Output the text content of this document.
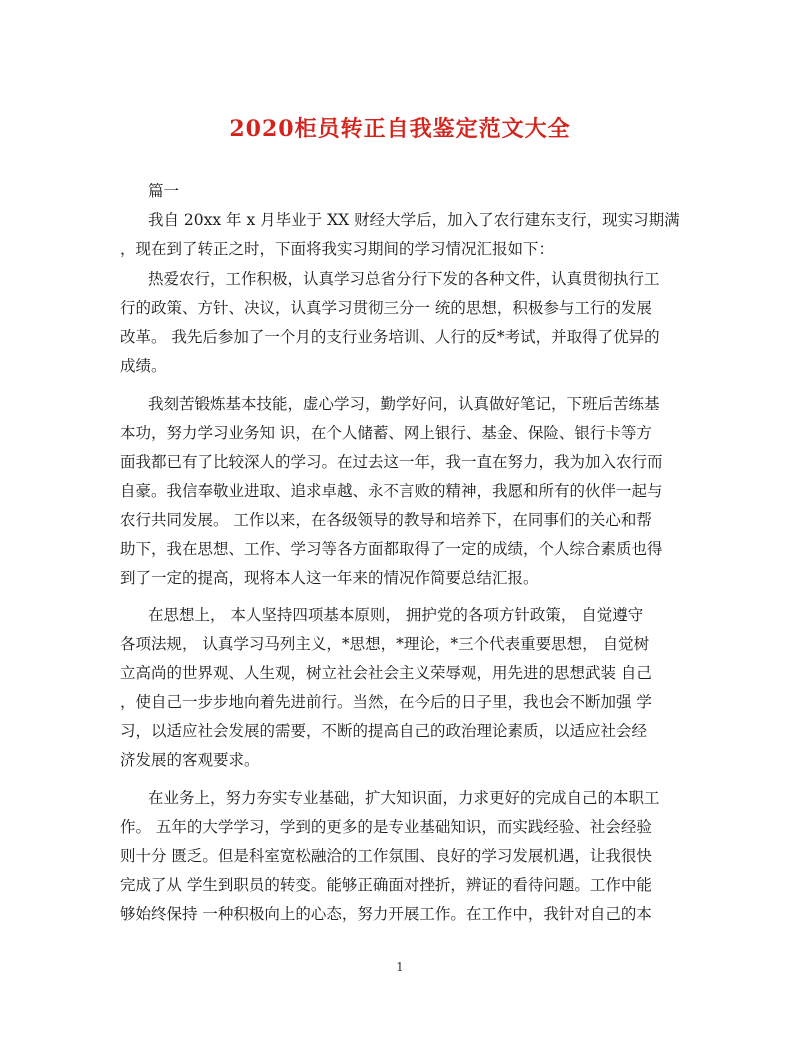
2020柜员转正自我鉴定范文大全
篇一
我自 20xx 年 x 月毕业于 XX 财经大学后，加入了农行建东支行，现实习期满
，现在到了转正之时，下面将我实习期间的学习情况汇报如下：
热爱农行，工作积极，认真学习总省分行下发的各种文件，认真贯彻执行工
行的政策、方针、决议，认真学习贯彻三分一 统的思想，积极参与工行的发展
改革。 我先后参加了一个月的支行业务培训、人行的反*考试，并取得了优异的
成绩。
我刻苦锻炼基本技能，虚心学习，勤学好问，认真做好笔记，下班后苦练基
本功，努力学习业务知 识，在个人储蓄、网上银行、基金、保险、银行卡等方
面我都已有了比较深人的学习。在过去这一年，我一直在努力，我为加入农行而
自豪。我信奉敬业进取、追求卓越、永不言败的精神，我愿和所有的伙伴一起与
农行共同发展。 工作以来，在各级领导的教导和培养下，在同事们的关心和帮
助下，我在思想、工作、学习等各方面都取得了一定的成绩，个人综合素质也得
到了一定的提高，现将本人这一年来的情况作简要总结汇报。
在思想上， 本人坚持四项基本原则， 拥护党的各项方针政策， 自觉遵守
各项法规， 认真学习马列主义，*思想，*理论，*三个代表重要思想， 自觉树
立高尚的世界观、人生观，树立社会社会主义荣辱观，用先进的思想武装 自己
，使自己一步步地向着先进前行。当然，在今后的日子里，我也会不断加强 学
习，以适应社会发展的需要，不断的提高自己的政治理论素质，以适应社会经
济发展的客观要求。
在业务上，努力夯实专业基础，扩大知识面，力求更好的完成自己的本职工
作。 五年的大学学习，学到的更多的是专业基础知识，而实践经验、社会经验
则十分 匮乏。但是科室宽松融洽的工作氛围、良好的学习发展机遇，让我很快
完成了从 学生到职员的转变。能够正确面对挫折，辨证的看待问题。工作中能
够始终保持 一种积极向上的心态，努力开展工作。在工作中，我针对自己的本
1
